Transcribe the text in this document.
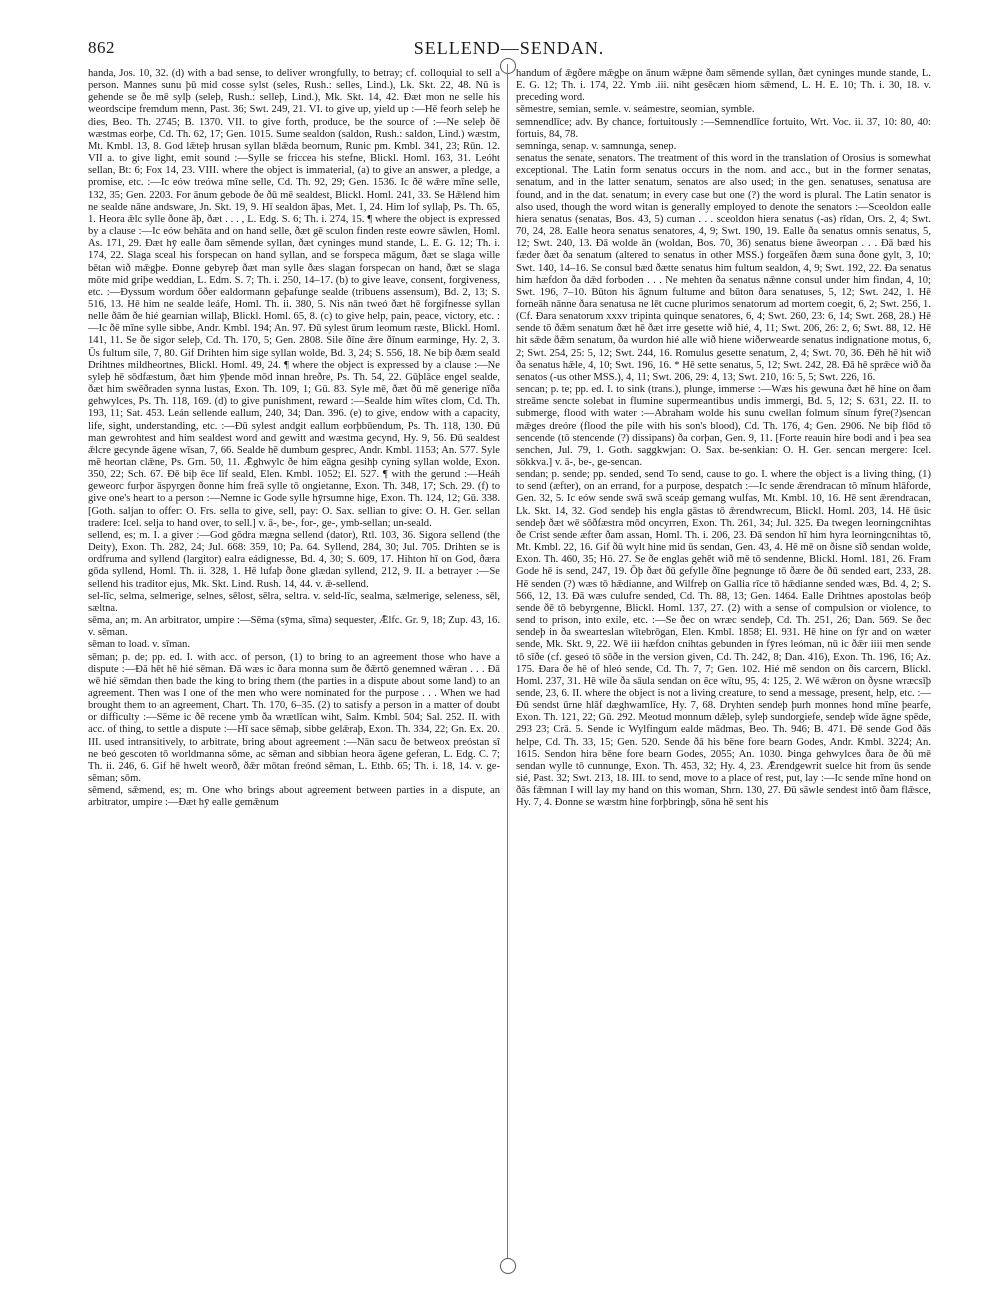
862	SELLEND—SENDAN.

handa, Jos. 10, 32. (d) with a bad sense, to deliver wrongfully, to betray; cf. colloquial to sell a person. Mannes sunu þū mid cosse sylst (seles, Rush.: selles, Lind.), Lk. Skt. 22, 48. Nū is gehende se ðe mē sylþ (seleþ, Rush.: selleþ, Lind.), Mk. Skt. 14, 42. Ðæt mon ne selle his weordscipe fremdum menn, Past. 36; Swt. 249, 21. VI. to give up, yield up :—Hē feorh seleþ he dies, Beo. Th. 2745; B. 1370. VII. to give forth, produce, be the source of :—Ne seleþ ðē wæstmas eorþe, Cd. Th. 62, 17; Gen. 1015. Sume sealdon (saldon, Rush.: saldon, Lind.) wæstm, Mt. Kmbl. 13, 8. God lǣteþ hrusan syllan blǣda beornum, Runic pm. Kmbl. 341, 23; Rūn. 12. VII a. to give light, emit sound :—Sylle se friccea his stefne, Blickl. Homl. 163, 31. Leóht sellan, Bt: 6; Fox 14, 23. VIII. where the object is immaterial, (a) to give an answer, a pledge, a promise, etc. :—Ic eów treówa mīne selle, Cd. Th. 92, 29; Gen. 1536. Ic ðē wǣre mīne selle, 132, 35; Gen. 2203. For ānum gebode ðe ðū mē sealdest, Blickl. Homl. 241, 33. Se Hǣlend him ne sealde nāne andsware, Jn. Skt. 19, 9. Hī sealdon āþas, Met. 1, 24. Him lof syllaþ, Ps. Th. 65, 1. Heora ǣlc sylle ðone āþ, ðæt . . . , L. Edg. S. 6; Th. i. 274, 15. ¶ where the object is expressed by a clause :—Ic eów behāta and on hand selle, ðæt gē sculon finden reste eowre sāwlen, Homl. As. 171, 29. Ðæt hȳ ealle ðam sēmende syllan, ðæt cyninges mund stande, L. E. G. 12; Th. i. 174, 22. Slaga sceal his forspecan on hand syllan, and se forspeca māgum, ðæt se slaga wille bētan wið mǣgþe. Ðonne gebyreþ ðæt man sylle ðæs slagan forspecan on hand, ðæt se slaga mōte mid griþe weddian, L. Edm. S. 7; Th. i. 250, 14–17. (b) to give leave, consent, forgiveness, etc. :—Ðyssum wordum ōðer ealdormann geþafunge sealde (tribuens assensum), Bd. 2, 13; S. 516, 13. Hē him ne sealde leáfe, Homl. Th. ii. 380, 5. Nis nān tweó ðæt hē forgifnesse syllan nelle ðām ðe hié gearnian willaþ, Blickl. Homl. 65, 8. (c) to give help, pain, peace, victory, etc. :—Ic ðē mīne sylle sibbe, Andr. Kmbl. 194; An. 97. Ðū sylest ūrum leomum ræste, Blickl. Homl. 141, 11. Se ðe sigor seleþ, Cd. Th. 170, 5; Gen. 2808. Sile ðīne ǣre ðīnum earminge, Hy. 2, 3. Ūs fultum sile, 7, 80. Gif Drihten him sige syllan wolde, Bd. 3, 24; S. 556, 18. Ne biþ ðæm seald Drihtnes mildheortnes, Blickl. Homl. 49, 24. ¶ where the object is expressed by a clause :—Ne syleþ hē sōdfæstum, ðæt him ȳþende mōd innan hreðre, Ps. Th. 54, 22. Gūþlāce engel sealde, ðæt him swēðraden synna lustas, Exon. Th. 109, 1; Gū. 83. Syle mē, ðæt ðū mē generige nīða gehwylces, Ps. Th. 118, 169. (d) to give punishment, reward :—Sealde him wītes clom, Cd. Th. 193, 11; Sat. 453. Leán sellende eallum, 240, 34; Dan. 396. (e) to give, endow with a capacity, life, sight, understanding, etc. :—Ðū sylest andgit eallum eorþbūendum, Ps. Th. 118, 130. Ðū man gewrohtest and him sealdest word and gewitt and wæstma gecynd, Hy. 9, 56. Ðū sealdest ǣlcre gecynde āgene wīsan, 7, 66. Sealde hē dumbum gesprec, Andr. Kmbl. 1153; An. 577. Syle mē heortan clǣne, Ps. Grn. 50, 11. Ǣghwylc ðe him eāgna gesihþ cyning syllan wolde, Exon. 350, 22; Sch. 67. Ðē biþ ēce līf seald, Elen. Kmbl. 1052; El. 527. ¶ with the gerund :—Heáh geweorc furþor āspyrgen ðonne him freā sylle tō ongietanne, Exon. Th. 348, 17; Sch. 29. (f) to give one's heart to a person :—Nemne ic Gode sylle hȳrsumne hige, Exon. Th. 124, 12; Gū. 338. [Goth. saljan to offer: O. Frs. sella to give, sell, pay: O. Sax. sellian to give: O. H. Ger. sellan tradere: Icel. selja to hand over, to sell.] v. ā-, be-, for-, ge-, ymb-sellan; un-seald.

sellend, es; m. I. a giver :—God gōdra mægna sellend (dator), Rtl. 103, 36. Sigora sellend (the Deity), Exon. Th. 282, 24; Jul. 668: 359, 10; Pa. 64. Syllend, 284, 30; Jul. 705. Drihten se is ordfruma and syllend (largitor) ealra eádignesse, Bd. 4, 30; S. 609, 17. Hihton hī on God, ðæra gōda syllend, Homl. Th. ii. 328, 1. Hē lufaþ ðone glædan syllend, 212, 9. II. a betrayer :—Se sellend his traditor ejus, Mk. Skt. Lind. Rush. 14, 44. v. ǣ-sellend.

sel-līc, selma, selmerige, selnes, sēlost, sēlra, seltra. v. seld-līc, sealma, sælmerige, seleness, sēl, sæltna.

sēma, an; m. An arbitrator, umpire :—Sēma (sȳma, sīma) sequester, Ǣlfc. Gr. 9, 18; Zup. 43, 16. v. sēman.

sēman to load. v. sīman.

sēman; p. de; pp. ed. I. with acc. of person, (1) to bring to an agreement those who have a dispute :—Ðā hēt hē hié sēman. Ðā wæs ic ðara monna sum ðe ðǣrtō genemned wǣran . . . Ðā wē hié sēmdan then bade the king to bring them (the parties in a dispute about some land) to an agreement. Then was I one of the men who were nominated for the purpose . . . When we had brought them to an agreement, Chart. Th. 170, 6–35. (2) to satisfy a person in a matter of doubt or difficulty :—Sēme ic ðē recene ymb ða wrætlīcan wiht, Salm. Kmbl. 504; Sal. 252. II. with acc. of thing, to settle a dispute :—Hī sace sēmaþ, sibbe gelǣraþ, Exon. Th. 334, 22; Gn. Ex. 20. III. used intransitively, to arbitrate, bring about agreement :—Nān sacu ðe betweox preóstan sī ne beó gescoten tō worldmanna sōme, ac sēman and sibbian heora āgene geferan, L. Edg. C. 7; Th. ii. 246, 6. Gif hē hwelt weorð, ðǣr mōtan freónd sēman, L. Ethb. 65; Th. i. 18, 14. v. ge-sēman; sōm.

sēmend, sǣmend, es; m. One who brings about agreement between parties in a dispute, an arbitrator, umpire :—Ðæt hȳ ealle gemǣnum

handum of ǣgðere mǣgþe on ānum wǣpne ðam sēmende syllan, ðæt cyninges munde stande, L. E. G. 12; Th. i. 174, 22. Ymb .iii. niht gesēcæn hiom sǣmend, L. H. E. 10; Th. i. 30, 18. v. preceding word.

sēmestre, semian, semle. v. seámestre, seomian, symble.

semnendlīce; adv. By chance, fortuitously :—Semnendlīce fortuito, Wrt. Voc. ii. 37, 10: 80, 40: fortuis, 84, 78.

semninga, senap. v. samnunga, senep.

senatus the senate, senators. The treatment of this word in the translation of Orosius is somewhat exceptional. The Latin form senatus occurs in the nom. and acc., but in the former senatas, senatum, and in the latter senatum, senatos are also used; in the gen. senatuses, senatusa are found, and in the dat. senatum; in every case but one (?) the word is plural. The Latin senator is also used, though the word witan is generally employed to denote the senators :—Sceoldon ealle hiera senatus (senatas, Bos. 43, 5) cuman . . . sceoldon hiera senatus (-as) rīdan, Ors. 2, 4; Swt. 70, 24, 28. Ealle heora senatus senatores, 4, 9; Swt. 190, 19. Ealle ða senatus omnis senatus, 5, 12; Swt. 240, 13. Ðā wolde ān (woldan, Bos. 70, 36) senatus biene āweorpan . . . Ðā bæd his fæder ðæt ða senatum (altered to senatus in other MSS.) forgeāfen ðæm suna ðone gylt, 3, 10; Swt. 140, 14–16. Se consul bæd ðætte senatus him fultum sealdon, 4, 9; Swt. 192, 22. Ða senatus him hæfdon ða dǣd forboden . . . Ne mehten ða senatus nǣnne consul under him findan, 4, 10; Swt. 196, 7–10. Būton his āgnum fultume and būton ðara senatuses, 5, 12; Swt. 242, 1. Hē forneāh nānne ðara senatusa ne lēt cucne plurimos senatorum ad mortem coegit, 6, 2; Swt. 256, 1. (Cf. Ðara senatorum xxxv tripinta quinque senatores, 6, 4; Swt. 260, 23: 6, 14; Swt. 268, 28.) Hē sende tō ðǣm senatum ðæt hē ðæt irre gesette wið hié, 4, 11; Swt. 206, 26: 2, 6; Swt. 88, 12. Hē hit sǣde ðǣm senatum, ða wurdon hié alle wið hiene wiðerwearde senatus indignatione motus, 6, 2; Swt. 254, 25: 5, 12; Swt. 244, 16. Romulus gesette senatum, 2, 4; Swt. 70, 36. Ðēh hē hit wið ða senatus hǣle, 4, 10; Swt. 196, 16. * Hē sette senatus, 5, 12; Swt. 242, 28. Ðā hē sprǣce wið ða senatos (-us other MSS.), 4, 11; Swt. 206, 29: 4, 13; Swt. 210, 16: 5, 5; Swt. 226, 16.

sencan; p. te; pp. ed. I. to sink (trans.), plunge, immerse :—Wæs his gewuna ðæt hē hine on ðam streāme sencte solebat in flumine supermeantibus undis immergi, Bd. 5, 12; S. 631, 22. II. to submerge, flood with water :—Abraham wolde his sunu cwellan folmum sīnum fȳre(?)sencan mǣges dreóre (flood the pile with his son's blood), Cd. Th. 176, 4; Gen. 2906. Ne biþ flōd tō sencende (tō stencende (?) dissipans) ða corþan, Gen. 9, 11. [Forte reauin hire bodi and i þea sea senchen, Jul. 79, 1. Goth. saggkwjan: O. Sax. be-senkian: O. H. Ger. sencan mergere: Icel. sökkva.] v. ā-, be-, ge-sencan.

sendan; p. sende; pp. sended, send To send, cause to go. I. where the object is a living thing, (1) to send (æfter), on an errand, for a purpose, despatch :—Ic sende ǣrendracan tō mīnum hlāforde, Gen. 32, 5. Ic eów sende swā swā sceáp gemang wulfas, Mt. Kmbl. 10, 16. Hē sent ǣrendracan, Lk. Skt. 14, 32. God sendeþ his engla gāstas tō ǣrendwrecum, Blickl. Homl. 203, 14. Hē ūsic sendeþ ðæt wē sōðfæstra mōd oncyrren, Exon. Th. 261, 34; Jul. 325. Ða twegen leorningcnihtas ðe Crist sende æfter ðam assan, Homl. Th. i. 206, 23. Ðā sendon hī him hyra leorningcnihtas tō, Mt. Kmbl. 22, 16. Gif ðū wylt hine mid ūs sendan, Gen. 43, 4. Hē mē on ðisne sīð sendan wolde, Exon. Th. 460, 35; Hö. 27. Se ðe englas gehēt wið mē tō sendenne, Blickl. Homl. 181, 26. Fram Gode hē is send, 247, 19. Ōþ ðæt ðū gefylle ðīne þegnunge tō ðære ðe ðū sended eart, 233, 28. Hē senden (?) wæs tō hǣdianne, and Wilfreþ on Gallia rīce tō hǣdianne sended wæs, Bd. 4, 2; S. 566, 12, 13. Ðā wæs culufre sended, Cd. Th. 88, 13; Gen. 1464. Ealle Drihtnes apostolas beóþ sende ðē tō bebyrgenne, Blickl. Homl. 137, 27. (2) with a sense of compulsion or violence, to send to prison, into exile, etc. :—Se ðec on wræc sendeþ, Cd. Th. 251, 26; Dan. 569. Se ðec sendeþ in ða swearteslan wītebrōgan, Elen. Kmbl. 1858; El. 931. Hē hine on fȳr and on wæter sende, Mk. Skt. 9, 22. Wē iii hæfdon cnihtas gebunden in fȳres leóman, nū ic ðǣr iiii men sende tō sīðe (cf. geseó tō sōðe in the version given, Cd. Th. 242, 8; Dan. 416), Exon. Th. 196, 16; Az. 175. Ðara ðe hē of hleó sende, Cd. Th. 7, 7; Gen. 102. Hié mē sendon on ðis carcern, Blickl. Homl. 237, 31. Hē wile ða sāula sendan on ēce wītu, 95, 4: 125, 2. Wē wǣron on ðysne wræcsīþ sende, 23, 6. II. where the object is not a living creature, to send a message, present, help, etc. :—Ðū sendst ūrne hlāf dæghwamlīce, Hy. 7, 68. Dryhten sendeþ þurh monnes hond mīne þearfe, Exon. Th. 121, 22; Gū. 292. Meotud monnum dǣleþ, syleþ sundorgiefe, sendeþ wīde āgne spēde, 293 23; Crā. 5. Sende ic Wylfingum ealde mādmas, Beo. Th. 946; B. 471. Ðē sende God ðās helpe, Cd. Th. 33, 15; Gen. 520. Sende ðā his bēne fore bearn Godes, Andr. Kmbl. 3224; An. 1615. Sendon hira bēne fore bearn Godes, 2055; An. 1030. Þinga gehwylces ðara ðe ðū mē sendan wylle tō cunnunge, Exon. Th. 453, 32; Hy. 4, 23. Ǣrendgewrit suelce hit from ūs sende sié, Past. 32; Swt. 213, 18. III. to send, move to a place of rest, put, lay :—Ic sende mīne hond on ðās fǣmnan I will lay my hand on this woman, Shrn. 130, 27. Ðū sāwle sendest intō ðam flǣsce, Hy. 7, 4. Ðonne se wæstm hine forþbringþ, sōna hē sent his
